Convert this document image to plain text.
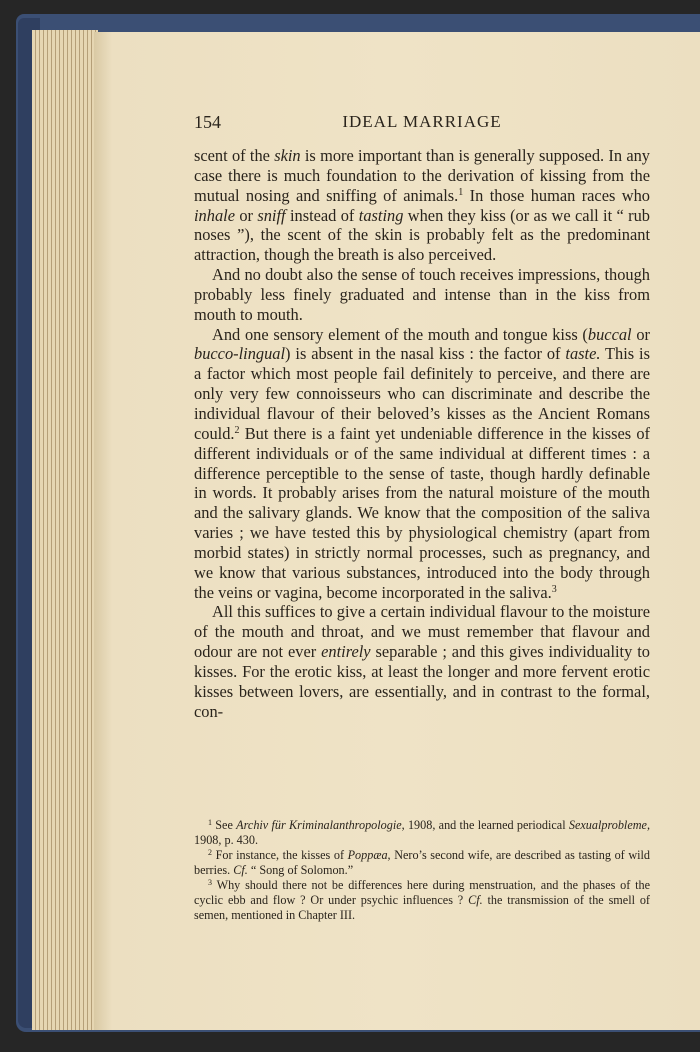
154	IDEAL MARRIAGE

scent of the skin is more important than is generally supposed. In any case there is much foundation to the derivation of kissing from the mutual nosing and sniffing of animals.$^1$ In those human races who inhale or sniff instead of tasting when they kiss (or as we call it “ rub noses ”), the scent of the skin is probably felt as the predominant attraction, though the breath is also perceived.

And no doubt also the sense of touch receives impressions, though probably less finely graduated and intense than in the kiss from mouth to mouth.

And one sensory element of the mouth and tongue kiss (buccal or bucco-lingual) is absent in the nasal kiss : the factor of taste. This is a factor which most people fail definitely to perceive, and there are only very few connoisseurs who can discriminate and describe the individual flavour of their beloved’s kisses as the Ancient Romans could.$^2$ But there is a faint yet undeniable difference in the kisses of different individuals or of the same individual at different times : a difference perceptible to the sense of taste, though hardly definable in words. It probably arises from the natural moisture of the mouth and the salivary glands. We know that the composition of the saliva varies ; we have tested this by physiological chemistry (apart from morbid states) in strictly normal processes, such as pregnancy, and we know that various substances, introduced into the body through the veins or vagina, become incorporated in the saliva.$^3$

All this suffices to give a certain individual flavour to the moisture of the mouth and throat, and we must remember that flavour and odour are not ever entirely separable ; and this gives individuality to kisses. For the erotic kiss, at least the longer and more fervent erotic kisses between lovers, are essentially, and in contrast to the formal, con-

$^1$ See Archiv für Kriminalanthropologie, 1908, and the learned periodical Sexualprobleme, 1908, p. 430.

$^2$ For instance, the kisses of Poppæa, Nero’s second wife, are described as tasting of wild berries. Cf. “ Song of Solomon.”

$^3$ Why should there not be differences here during menstruation, and the phases of the cyclic ebb and flow ? Or under psychic influences ? Cf. the transmission of the smell of semen, mentioned in Chapter III.
